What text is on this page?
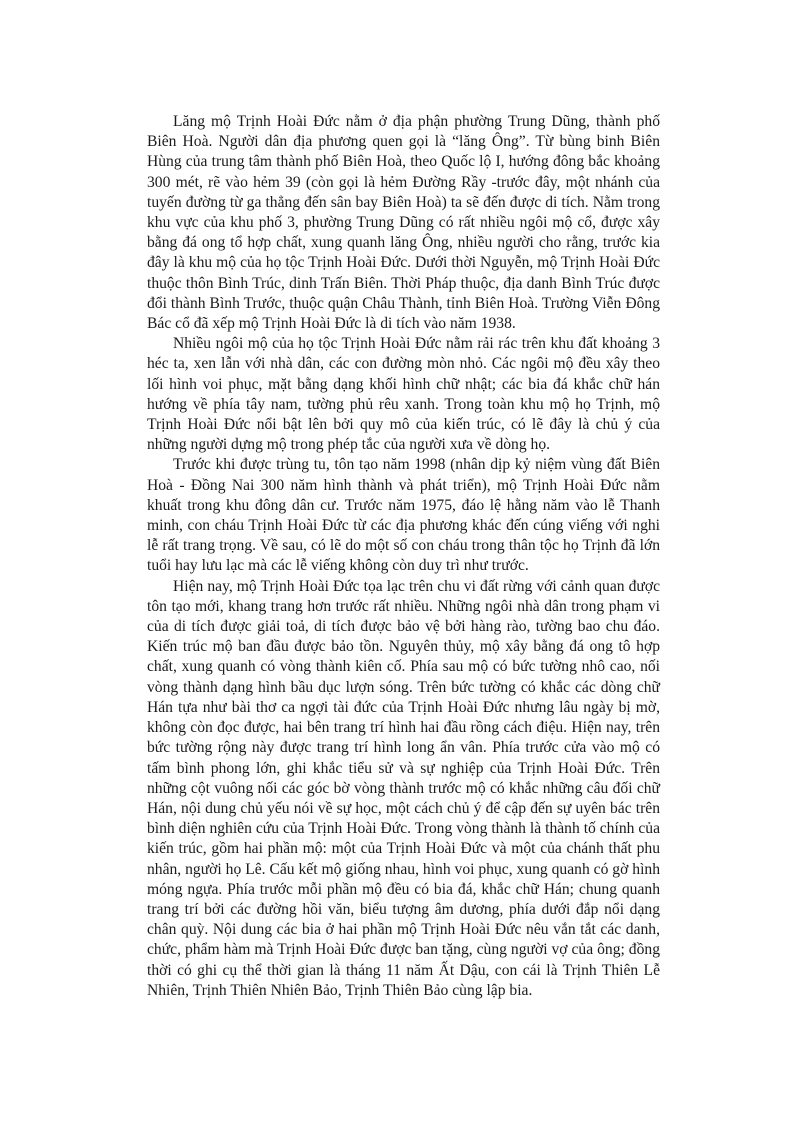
Lăng mộ Trịnh Hoài Đức nằm ở địa phận phường Trung Dũng, thành phố Biên Hoà. Người dân địa phương quen gọi là “lăng Ông”. Từ bùng binh Biên Hùng của trung tâm thành phố Biên Hoà, theo Quốc lộ I, hướng đông bắc khoảng 300 mét, rẽ vào hẻm 39 (còn gọi là hẻm Đường Rầy -trước đây, một nhánh của tuyến đường từ ga thẳng đến sân bay Biên Hoà) ta sẽ đến được di tích. Nằm trong khu vực của khu phố 3, phường Trung Dũng có rất nhiều ngôi mộ cổ, được xây bằng đá ong tổ hợp chất, xung quanh lăng Ông, nhiều người cho rằng, trước kia đây là khu mộ của họ tộc Trịnh Hoài Đức. Dưới thời Nguyễn, mộ Trịnh Hoài Đức thuộc thôn Bình Trúc, dinh Trấn Biên. Thời Pháp thuộc, địa danh Bình Trúc được đổi thành Bình Trước, thuộc quận Châu Thành, tỉnh Biên Hoà. Trường Viễn Đông Bác cổ đã xếp mộ Trịnh Hoài Đức là di tích vào năm 1938.

Nhiều ngôi mộ của họ tộc Trịnh Hoài Đức nằm rải rác trên khu đất khoảng 3 héc ta, xen lẫn với nhà dân, các con đường mòn nhỏ. Các ngôi mộ đều xây theo lối hình voi phục, mặt bằng dạng khối hình chữ nhật; các bia đá khắc chữ hán hướng về phía tây nam, tường phủ rêu xanh. Trong toàn khu mộ họ Trịnh, mộ Trịnh Hoài Đức nổi bật lên bởi quy mô của kiến trúc, có lẽ đây là chủ ý của những người dựng mộ trong phép tắc của người xưa về dòng họ.

Trước khi được trùng tu, tôn tạo năm 1998 (nhân dịp kỷ niệm vùng đất Biên Hoà - Đồng Nai 300 năm hình thành và phát triển), mộ Trịnh Hoài Đức nằm khuất trong khu đông dân cư. Trước năm 1975, đáo lệ hằng năm vào lễ Thanh minh, con cháu Trịnh Hoài Đức từ các địa phương khác đến cúng viếng với nghi lễ rất trang trọng. Về sau, có lẽ do một số con cháu trong thân tộc họ Trịnh đã lớn tuổi hay lưu lạc mà các lễ viếng không còn duy trì như trước.

Hiện nay, mộ Trịnh Hoài Đức tọa lạc trên chu vi đất rừng với cảnh quan được tôn tạo mới, khang trang hơn trước rất nhiều. Những ngôi nhà dân trong phạm vi của di tích được giải toả, di tích được bảo vệ bởi hàng rào, tường bao chu đáo. Kiến trúc mộ ban đầu được bảo tồn. Nguyên thủy, mộ xây bằng đá ong tô hợp chất, xung quanh có vòng thành kiên cố. Phía sau mộ có bức tường nhô cao, nối vòng thành dạng hình bầu dục lượn sóng. Trên bức tường có khắc các dòng chữ Hán tựa như bài thơ ca ngợi tài đức của Trịnh Hoài Đức nhưng lâu ngày bị mờ, không còn đọc được, hai bên trang trí hình hai đầu rồng cách điệu. Hiện nay, trên bức tường rộng này được trang trí hình long ẩn vân. Phía trước cửa vào mộ có tấm bình phong lớn, ghi khắc tiểu sử và sự nghiệp của Trịnh Hoài Đức. Trên những cột vuông nối các góc bờ vòng thành trước mộ có khắc những câu đối chữ Hán, nội dung chủ yếu nói về sự học, một cách chủ ý để cập đến sự uyên bác trên bình diện nghiên cứu của Trịnh Hoài Đức. Trong vòng thành là thành tố chính của kiến trúc, gồm hai phần mộ: một của Trịnh Hoài Đức và một của chánh thất phu nhân, người họ Lê. Cấu kết mộ giống nhau, hình voi phục, xung quanh có gờ hình móng ngựa. Phía trước mỗi phần mộ đều có bia đá, khắc chữ Hán; chung quanh trang trí bởi các đường hồi văn, biểu tượng âm dương, phía dưới đắp nổi dạng chân quỳ. Nội dung các bia ở hai phần mộ Trịnh Hoài Đức nêu vắn tắt các danh, chức, phẩm hàm mà Trịnh Hoài Đức được ban tặng, cùng người vợ của ông; đồng thời có ghi cụ thể thời gian là tháng 11 năm Ất Dậu, con cái là Trịnh Thiên Lễ Nhiên, Trịnh Thiên Nhiên Bảo, Trịnh Thiên Bảo cùng lập bia.
